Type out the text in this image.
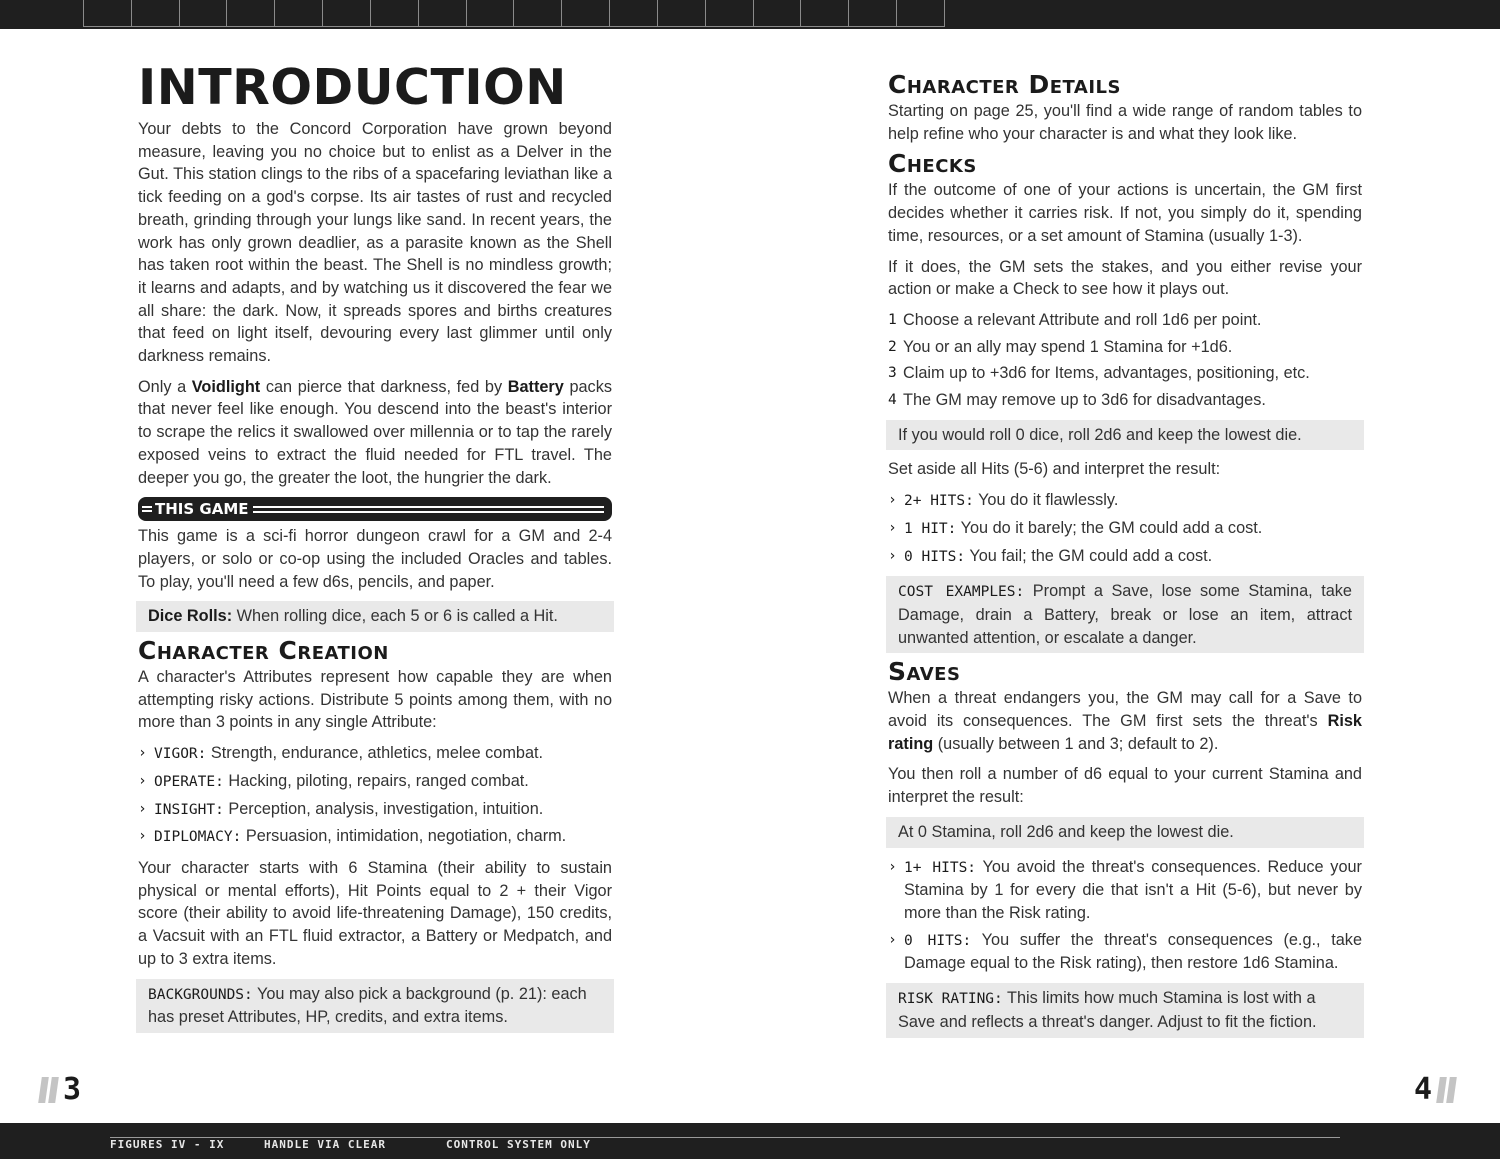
INTRODUCTION

Your debts to the Concord Corporation have grown beyond measure, leaving you no choice but to enlist as a Delver in the Gut. This station clings to the ribs of a spacefaring leviathan like a tick feeding on a god's corpse. Its air tastes of rust and recycled breath, grinding through your lungs like sand. In recent years, the work has only grown deadlier, as a parasite known as the Shell has taken root within the beast. The Shell is no mindless growth; it learns and adapts, and by watching us it discovered the fear we all share: the dark. Now, it spreads spores and births creatures that feed on light itself, devouring every last glimmer until only darkness remains.

Only a Voidlight can pierce that darkness, fed by Battery packs that never feel like enough. You descend into the beast's interior to scrape the relics it swallowed over millennia or to tap the rarely exposed veins to extract the fluid needed for FTL travel. The deeper you go, the greater the loot, the hungrier the dark.

THIS GAME

This game is a sci-fi horror dungeon crawl for a GM and 2-4 players, or solo or co-op using the included Oracles and tables. To play, you'll need a few d6s, pencils, and paper.

Dice Rolls: When rolling dice, each 5 or 6 is called a Hit.
Character Creation

A character's Attributes represent how capable they are when attempting risky actions. Distribute 5 points among them, with no more than 3 points in any single Attribute:

› VIGOR: Strength, endurance, athletics, melee combat.
› OPERATE: Hacking, piloting, repairs, ranged combat.
› INSIGHT: Perception, analysis, investigation, intuition.
› DIPLOMACY: Persuasion, intimidation, negotiation, charm.

Your character starts with 6 Stamina (their ability to sustain physical or mental efforts), Hit Points equal to 2 + their Vigor score (their ability to avoid life-threatening Damage), 150 credits, a Vacsuit with an FTL fluid extractor, a Battery or Medpatch, and up to 3 extra items.

BACKGROUNDS: You may also pick a background (p. 21): each has preset Attributes, HP, credits, and extra items.
3
Character Details

Starting on page 25, you'll find a wide range of random tables to help refine who your character is and what they look like.

Checks

If the outcome of one of your actions is uncertain, the GM first decides whether it carries risk. If not, you simply do it, spending time, resources, or a set amount of Stamina (usually 1-3).

If it does, the GM sets the stakes, and you either revise your action or make a Check to see how it plays out.

1 Choose a relevant Attribute and roll 1d6 per point.
2 You or an ally may spend 1 Stamina for +1d6.
3 Claim up to +3d6 for Items, advantages, positioning, etc.
4 The GM may remove up to 3d6 for disadvantages.
If you would roll 0 dice, roll 2d6 and keep the lowest die.

Set aside all Hits (5-6) and interpret the result:

› 2+ HITS: You do it flawlessly.
› 1 HIT: You do it barely; the GM could add a cost.
› 0 HITS: You fail; the GM could add a cost.
COST EXAMPLES: Prompt a Save, lose some Stamina, take Damage, drain a Battery, break or lose an item, attract unwanted attention, or escalate a danger.
Saves

When a threat endangers you, the GM may call for a Save to avoid its consequences. The GM first sets the threat's Risk rating (usually between 1 and 3; default to 2).

You then roll a number of d6 equal to your current Stamina and interpret the result:

At 0 Stamina, roll 2d6 and keep the lowest die.
› 1+ HITS: You avoid the threat's consequences. Reduce your Stamina by 1 for every die that isn't a Hit (5-6), but never by more than the Risk rating.
› 0 HITS: You suffer the threat's consequences (e.g., take Damage equal to the Risk rating), then restore 1d6 Stamina.
RISK RATING: This limits how much Stamina is lost with a Save and reflects a threat's danger. Adjust to fit the fiction.
4
FIGURES IV - IX	HANDLE VIA CLEAR	CONTROL SYSTEM ONLY
